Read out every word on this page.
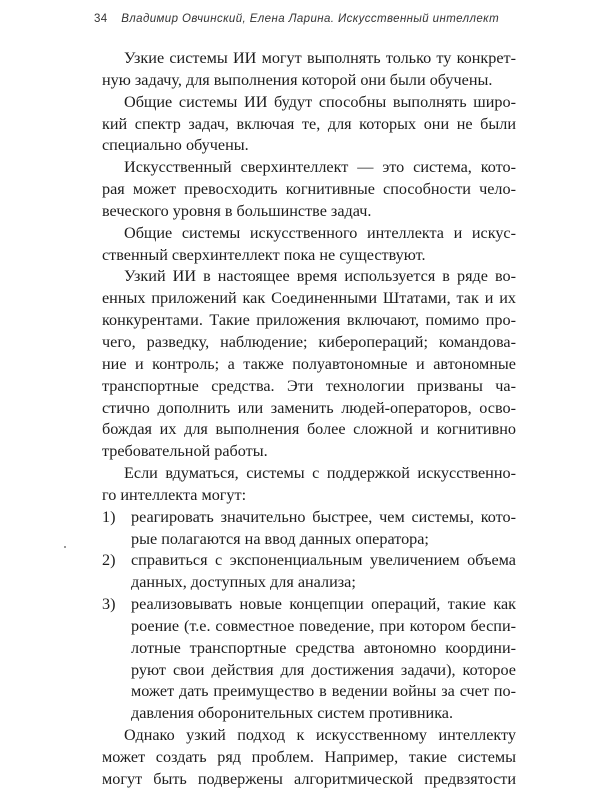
34 Владимир Овчинский, Елена Ларина. Искусственный интеллект
Узкие системы ИИ могут выполнять только ту конкрет-
ную задачу, для выполнения которой они были обучены.
Общие системы ИИ будут способны выполнять широ-
кий спектр задач, включая те, для которых они не были
специально обучены.
Искусственный сверхинтеллект — это система, кото-
рая может превосходить когнитивные способности чело-
веческого уровня в большинстве задач.
Общие системы искусственного интеллекта и искус-
ственный сверхинтеллект пока не существуют.
Узкий ИИ в настоящее время используется в ряде во-
енных приложений как Соединенными Штатами, так и их
конкурентами. Такие приложения включают, помимо про-
чего, разведку, наблюдение; киберопераций; командова-
ние и контроль; а также полуавтономные и автономные
транспортные средства. Эти технологии призваны ча-
стично дополнить или заменить людей-операторов, осво-
бождая их для выполнения более сложной и когнитивно
требовательной работы.
Если вдуматься, системы с поддержкой искусственно-
го интеллекта могут:
1) реагировать значительно быстрее, чем системы, кото-
рые полагаются на ввод данных оператора;
2) справиться с экспоненциальным увеличением объема
данных, доступных для анализа;
3) реализовывать новые концепции операций, такие как
роение (т.е. совместное поведение, при котором беспи-
лотные транспортные средства автономно координи-
руют свои действия для достижения задачи), которое
может дать преимущество в ведении войны за счет по-
давления оборонительных систем противника.
Однако узкий подход к искусственному интеллекту
может создать ряд проблем. Например, такие системы
могут быть подвержены алгоритмической предвзятости
